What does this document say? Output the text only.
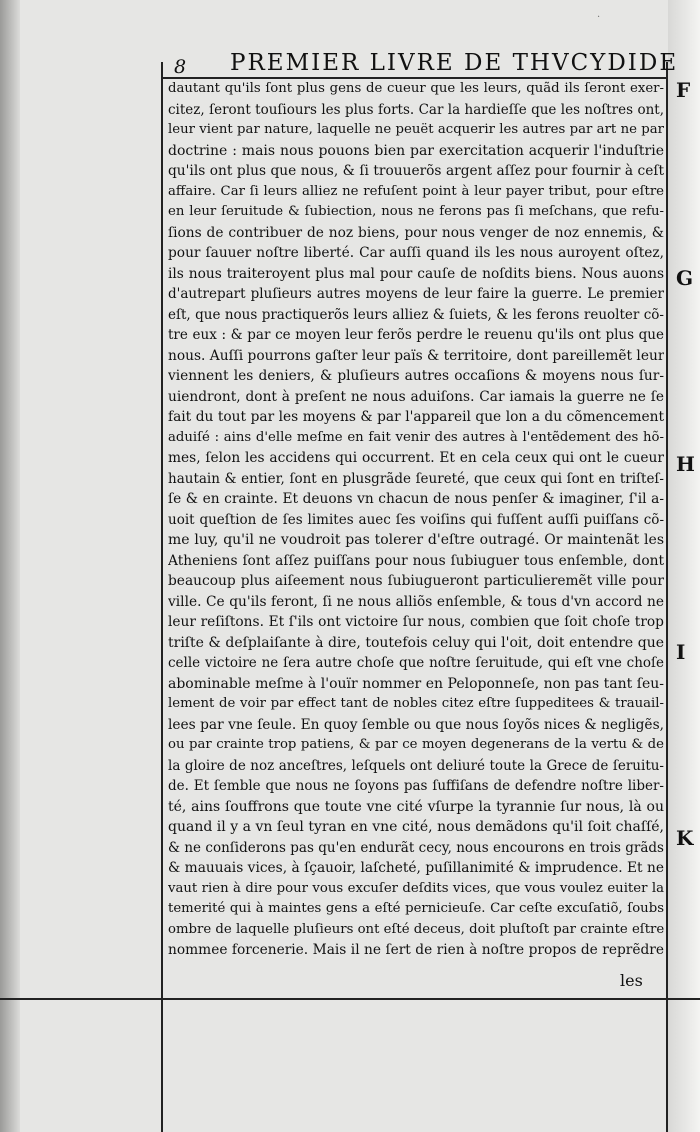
·
8 PREMIER LIVRE DE THVCYDIDE
F
G
H
I
K
dautant qu'ils ſont plus gens de cueur que les leurs, quãd ils ſeront exer-
citez, ſeront touſiours les plus forts. Car la hardieſſe que les noſtres ont,
leur vient par nature, laquelle ne peuët acquerir les autres par art ne par
doctrine : mais nous pouons bien par exercitation acquerir l'induſtrie
qu'ils ont plus que nous, & ſi trouuerõs argent aſſez pour fournir à ceſt
affaire. Car ſi leurs alliez ne refuſent point à leur payer tribut, pour eſtre
en leur ſeruitude & ſubiection, nous ne ferons pas ſi meſchans, que refu-
ſions de contribuer de noz biens, pour nous venger de noz ennemis, &
pour ſauuer noſtre liberté. Car auſſi quand ils les nous auroyent oſtez,
ils nous traiteroyent plus mal pour cauſe de noſdits biens. Nous auons
d'autrepart pluſieurs autres moyens de leur faire la guerre. Le premier
eſt, que nous practiquerõs leurs alliez & ſuiets, & les ferons reuolter cõ-
tre eux : & par ce moyen leur ferõs perdre le reuenu qu'ils ont plus que
nous. Auſſi pourrons gaſter leur païs & territoire, dont pareillemẽt leur
viennent les deniers, & pluſieurs autres occaſions & moyens nous ſur-
uiendront, dont à preſent ne nous aduiſons. Car iamais la guerre ne ſe
fait du tout par les moyens & par l'appareil que lon a du cõmencement
aduiſé : ains d'elle meſme en fait venir des autres à l'entẽdement des hõ-
mes, ſelon les accidens qui occurrent. Et en cela ceux qui ont le cueur
hautain & entier, ſont en plusgrãde ſeureté, que ceux qui ſont en triſteſ-
ſe & en crainte. Et deuons vn chacun de nous penſer & imaginer, ſ'il a-
uoit queſtion de ſes limites auec ſes voiſins qui fuſſent auſſi puiſſans cõ-
me luy, qu'il ne voudroit pas tolerer d'eſtre outragé. Or maintenãt les
Atheniens ſont aſſez puiſſans pour nous ſubiuguer tous enſemble, dont
beaucoup plus aiſeement nous ſubiugueront particulieremẽt ville pour
ville. Ce qu'ils feront, ſi ne nous alliõs enſemble, & tous d'vn accord ne
leur reſiſtons. Et ſ'ils ont victoire ſur nous, combien que ſoit choſe trop
triſte & deſplaiſante à dire, toutefois celuy qui l'oit, doit entendre que
celle victoire ne ſera autre choſe que noſtre ſeruitude, qui eſt vne choſe
abominable meſme à l'ouïr nommer en Peloponneſe, non pas tant ſeu-
lement de voir par effect tant de nobles citez eſtre ſuppeditees & trauail-
lees par vne ſeule. En quoy ſemble ou que nous ſoyõs nices & negligẽs,
ou par crainte trop patiens, & par ce moyen degenerans de la vertu & de
la gloire de noz anceſtres, leſquels ont deliuré toute la Grece de ſeruitu-
de. Et ſemble que nous ne ſoyons pas ſuffiſans de defendre noſtre liber-
té, ains ſouffrons que toute vne cité vſurpe la tyrannie ſur nous, là ou
quand il y a vn ſeul tyran en vne cité, nous demãdons qu'il ſoit chaſſé,
& ne conſiderons pas qu'en endurãt cecy, nous encourons en trois grãds
& mauuais vices, à ſçauoir, laſcheté, puſillanimité & imprudence. Et ne
vaut rien à dire pour vous excuſer deſdits vices, que vous voulez euiter la
temerité qui à maintes gens a eſté pernicieuſe. Car ceſte excuſatiõ, ſoubs
ombre de laquelle pluſieurs ont eſté deceus, doit pluſtoſt par crainte eſtre
nommee forcenerie. Mais il ne ſert de rien à noſtre propos de reprẽdre
les
